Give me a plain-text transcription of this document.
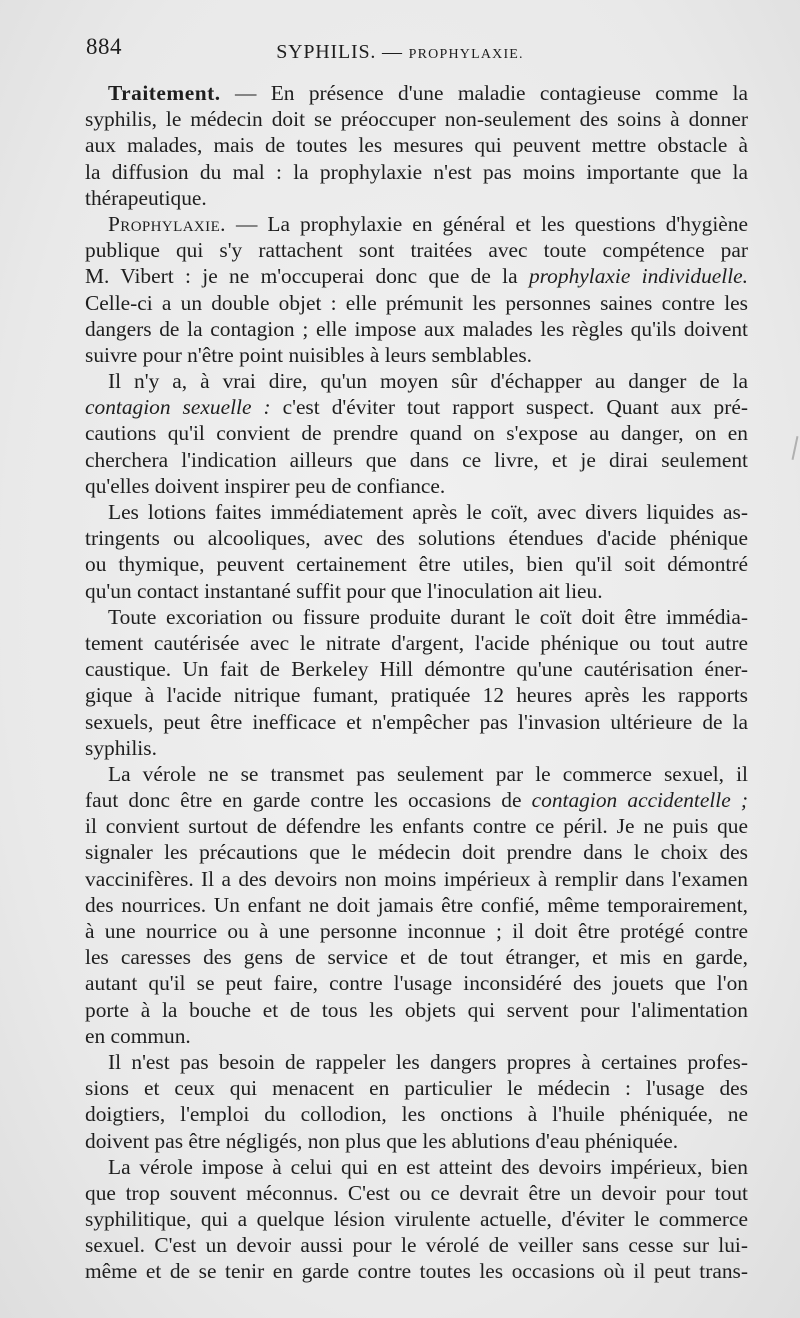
884	SYPHILIS. — PROPHYLAXIE.
Traitement. — En présence d'une maladie contagieuse comme la
syphilis, le médecin doit se préoccuper non-seulement des soins à donner
aux malades, mais de toutes les mesures qui peuvent mettre obstacle à
la diffusion du mal : la prophylaxie n'est pas moins importante que la
thérapeutique.
Prophylaxie. — La prophylaxie en général et les questions d'hygiène
publique qui s'y rattachent sont traitées avec toute compétence par
M. Vibert : je ne m'occuperai donc que de la prophylaxie individuelle.
Celle-ci a un double objet : elle prémunit les personnes saines contre les
dangers de la contagion ; elle impose aux malades les règles qu'ils doivent
suivre pour n'être point nuisibles à leurs semblables.
Il n'y a, à vrai dire, qu'un moyen sûr d'échapper au danger de la
contagion sexuelle : c'est d'éviter tout rapport suspect. Quant aux pré-
cautions qu'il convient de prendre quand on s'expose au danger, on en
cherchera l'indication ailleurs que dans ce livre, et je dirai seulement
qu'elles doivent inspirer peu de confiance.
Les lotions faites immédiatement après le coït, avec divers liquides as-
tringents ou alcooliques, avec des solutions étendues d'acide phénique
ou thymique, peuvent certainement être utiles, bien qu'il soit démontré
qu'un contact instantané suffit pour que l'inoculation ait lieu.
Toute excoriation ou fissure produite durant le coït doit être immédia-
tement cautérisée avec le nitrate d'argent, l'acide phénique ou tout autre
caustique. Un fait de Berkeley Hill démontre qu'une cautérisation éner-
gique à l'acide nitrique fumant, pratiquée 12 heures après les rapports
sexuels, peut être inefficace et n'empêcher pas l'invasion ultérieure de la
syphilis.
La vérole ne se transmet pas seulement par le commerce sexuel, il
faut donc être en garde contre les occasions de contagion accidentelle ;
il convient surtout de défendre les enfants contre ce péril. Je ne puis que
signaler les précautions que le médecin doit prendre dans le choix des
vaccinifères. Il a des devoirs non moins impérieux à remplir dans l'examen
des nourrices. Un enfant ne doit jamais être confié, même temporairement,
à une nourrice ou à une personne inconnue ; il doit être protégé contre
les caresses des gens de service et de tout étranger, et mis en garde,
autant qu'il se peut faire, contre l'usage inconsidéré des jouets que l'on
porte à la bouche et de tous les objets qui servent pour l'alimentation
en commun.
Il n'est pas besoin de rappeler les dangers propres à certaines profes-
sions et ceux qui menacent en particulier le médecin : l'usage des
doigtiers, l'emploi du collodion, les onctions à l'huile phéniquée, ne
doivent pas être négligés, non plus que les ablutions d'eau phéniquée.
La vérole impose à celui qui en est atteint des devoirs impérieux, bien
que trop souvent méconnus. C'est ou ce devrait être un devoir pour tout
syphilitique, qui a quelque lésion virulente actuelle, d'éviter le commerce
sexuel. C'est un devoir aussi pour le vérolé de veiller sans cesse sur lui-
même et de se tenir en garde contre toutes les occasions où il peut trans-
